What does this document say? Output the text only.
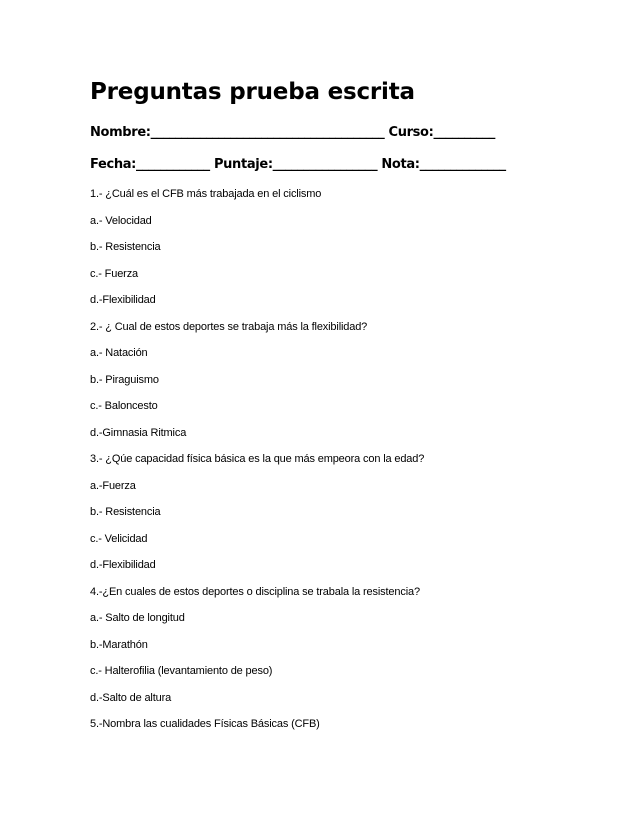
Preguntas prueba escrita

Nombre:______________________________________ Curso:__________

Fecha:____________ Puntaje:_________________ Nota:______________

1.- ¿Cuál es el CFB más trabajada en el ciclismo
a.- Velocidad
b.- Resistencia
c.- Fuerza
d.-Flexibilidad
2.- ¿ Cual de estos deportes se trabaja más la flexibilidad?
a.- Natación
b.- Piraguismo
c.- Baloncesto
d.-Gimnasia Ritmica
3.- ¿Qúe capacidad física básica es la que más empeora con la edad?
a.-Fuerza
b.- Resistencia
c.- Velicidad
d.-Flexibilidad
4.-¿En cuales de estos deportes o disciplina se trabala la resistencia?
a.- Salto de longitud
b.-Marathón
c.- Halterofilia (levantamiento de peso)
d.-Salto de altura
5.-Nombra las cualidades Físicas Básicas (CFB)
